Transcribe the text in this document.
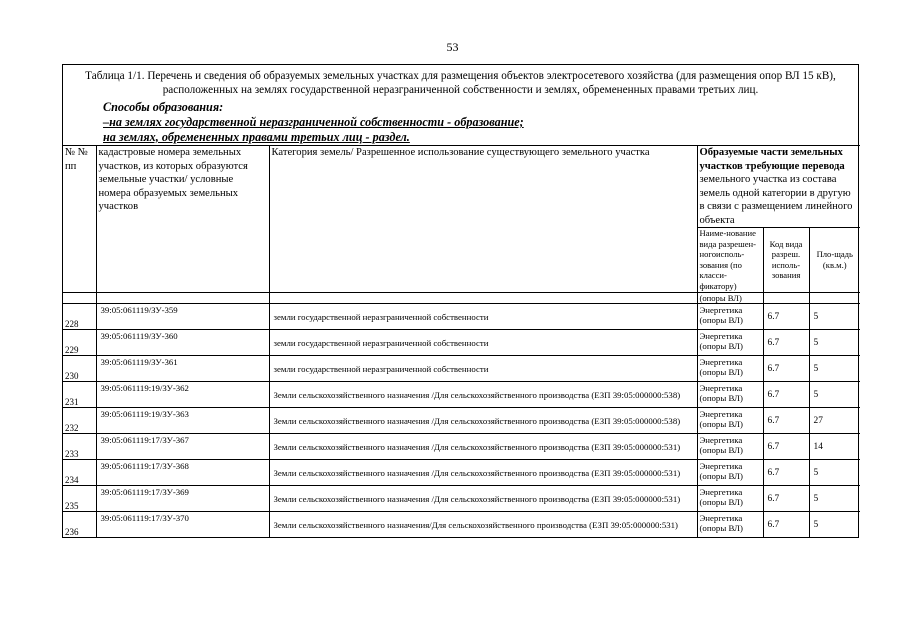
53
Таблица 1/1. Перечень и сведения об образуемых земельных участках для размещения объектов электросетевого хозяйства (для размещения опор ВЛ 15 кВ), расположенных на землях государственной неразграниченной собственности и землях, обремененных правами третьих лиц.
Способы образования:
–на землях государственной неразграниченной собственности - образование;
на землях, обремененных правами третьих лиц - раздел.
№ № пп	кадастровые номера земельных участков, из которых образуются земельные участки/ условные номера образуемых земельных участков	Категория земель/ Разрешенное использование существующего земельного участка	Образуемые части земельных участков требующие перевода земельного участка из состава земель одной категории в другую в связи с размещением линейного объекта		
			Наиме-нование вида разрешен-ногоисполь-зования (по класси-фикатору)	Код вида разреш. исполь-зования	Пло-щадь (кв.м.)
			(опоры ВЛ)		
228	39:05:061119/ЗУ-359	земли государственной неразграниченной собственности	Энергетика (опоры ВЛ)	6.7	5
229	39:05:061119/ЗУ-360	земли государственной неразграниченной собственности	Энергетика (опоры ВЛ)	6.7	5
230	39:05:061119/ЗУ-361	земли государственной неразграниченной собственности	Энергетика (опоры ВЛ)	6.7	5
231	39:05:061119:19/ЗУ-362	Земли сельскохозяйственного назначения /Для сельскохозяйственного производства (ЕЗП 39:05:000000:538)	Энергетика (опоры ВЛ)	6.7	5
232	39:05:061119:19/ЗУ-363	Земли сельскохозяйственного назначения /Для сельскохозяйственного производства (ЕЗП 39:05:000000:538)	Энергетика (опоры ВЛ)	6.7	27
233	39:05:061119:17/ЗУ-367	Земли сельскохозяйственного назначения /Для сельскохозяйственного производства (ЕЗП 39:05:000000:531)	Энергетика (опоры ВЛ)	6.7	14
234	39:05:061119:17/ЗУ-368	Земли сельскохозяйственного назначения /Для сельскохозяйственного производства (ЕЗП 39:05:000000:531)	Энергетика (опоры ВЛ)	6.7	5
235	39:05:061119:17/ЗУ-369	Земли сельскохозяйственного назначения /Для сельскохозяйственного производства (ЕЗП 39:05:000000:531)	Энергетика (опоры ВЛ)	6.7	5
236	39:05:061119:17/ЗУ-370	Земли сельскохозяйственного назначения/Для сельскохозяйственного производства (ЕЗП 39:05:000000:531)	Энергетика (опоры ВЛ)	6.7	5
